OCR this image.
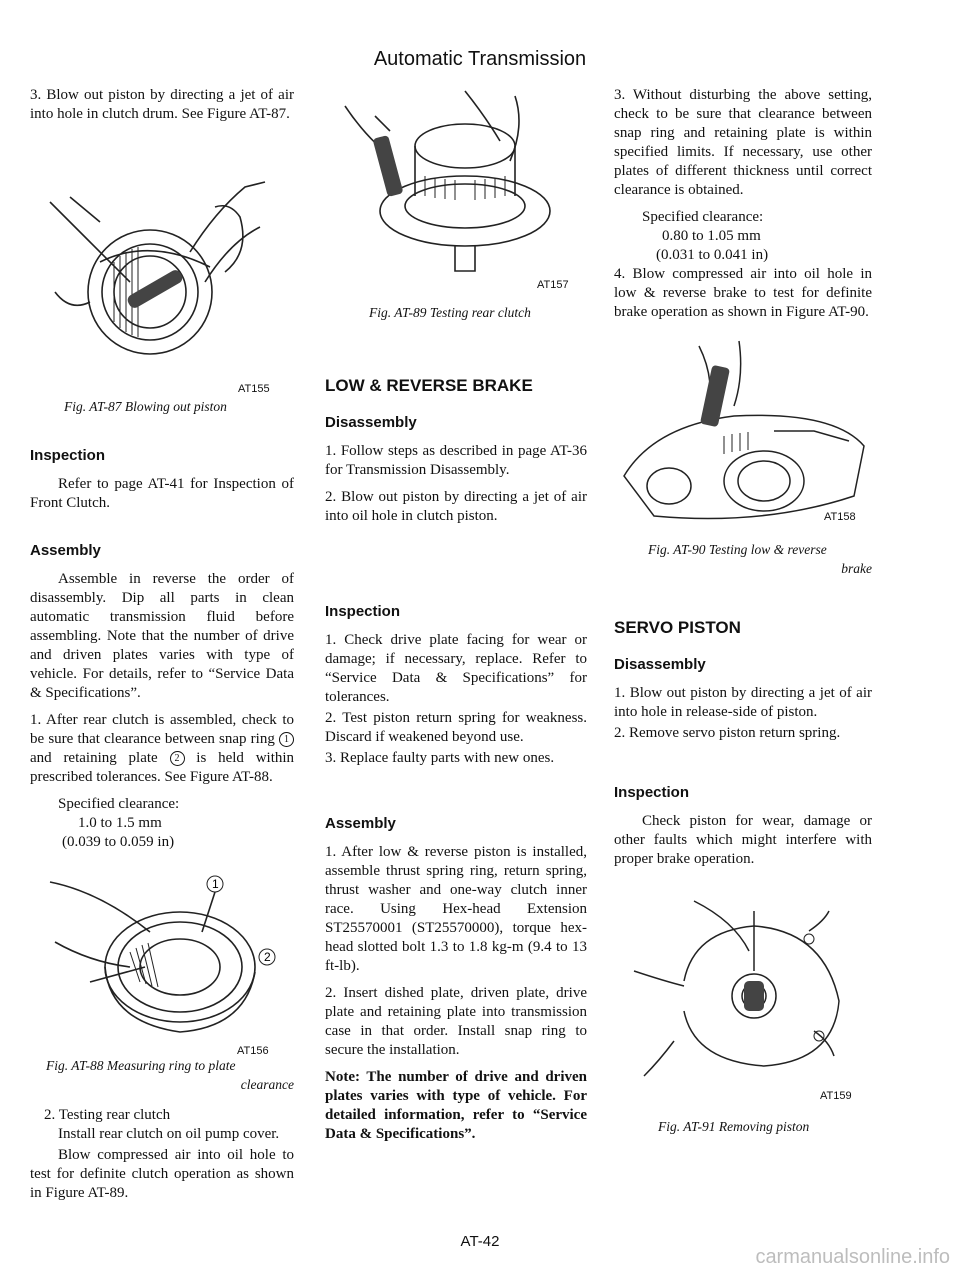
Automatic Transmission

3. Blow out piston by directing a jet of air into hole in clutch drum. See Figure AT-87.

AT155

Fig. AT-87 Blowing out piston

Inspection

Refer to page AT-41 for Inspection of Front Clutch.

Assembly

Assemble in reverse the order of disassembly. Dip all parts in clean automatic transmission fluid before assembling. Note that the number of drive and driven plates varies with type of vehicle. For details, refer to “Service Data & Specifications”.

1. After rear clutch is assembled, check to be sure that clearance between snap ring 1 and retaining plate 2 is held within prescribed tolerances. See Figure AT-88.

Specified clearance:

1.0 to 1.5 mm

(0.039 to 0.059 in)

1
2
AT156

Fig. AT-88 Measuring ring to plate

clearance

2. Testing rear clutch

Install rear clutch on oil pump cover.

Blow compressed air into oil hole to test for definite clutch operation as shown in Figure AT-89.

AT157

Fig. AT-89 Testing rear clutch

LOW & REVERSE BRAKE
Disassembly

1. Follow steps as described in page AT-36 for Transmission Disassembly.

2. Blow out piston by directing a jet of air into oil hole in clutch piston.

Inspection

1. Check drive plate facing for wear or damage; if necessary, replace. Refer to “Service Data & Specifications” for tolerances.

2. Test piston return spring for weakness. Discard if weakened beyond use.

3. Replace faulty parts with new ones.

Assembly

1. After low & reverse piston is installed, assemble thrust spring ring, return spring, thrust washer and one-way clutch inner race. Using Hex-head Extension ST25570001 (ST25570000), torque hex-head slotted bolt 1.3 to 1.8 kg-m (9.4 to 13 ft-lb).

2. Insert dished plate, driven plate, drive plate and retaining plate into transmission case in that order. Install snap ring to secure the installation.

Note: The number of drive and driven plates varies with type of vehicle. For detailed information, refer to “Service Data & Specifications”.

3. Without disturbing the above setting, check to be sure that clearance between snap ring and retaining plate is within specified limits. If necessary, use other plates of different thickness until correct clearance is obtained.

Specified clearance:

0.80 to 1.05 mm

(0.031 to 0.041 in)

4. Blow compressed air into oil hole in low & reverse brake to test for definite brake operation as shown in Figure AT-90.

AT158

Fig. AT-90 Testing low & reverse

brake

SERVO PISTON
Disassembly

1. Blow out piston by directing a jet of air into hole in release-side of piston.

2. Remove servo piston return spring.

Inspection

Check piston for wear, damage or other faults which might interfere with proper brake operation.

AT159

Fig. AT-91 Removing piston

AT-42
carmanualsonline.info
